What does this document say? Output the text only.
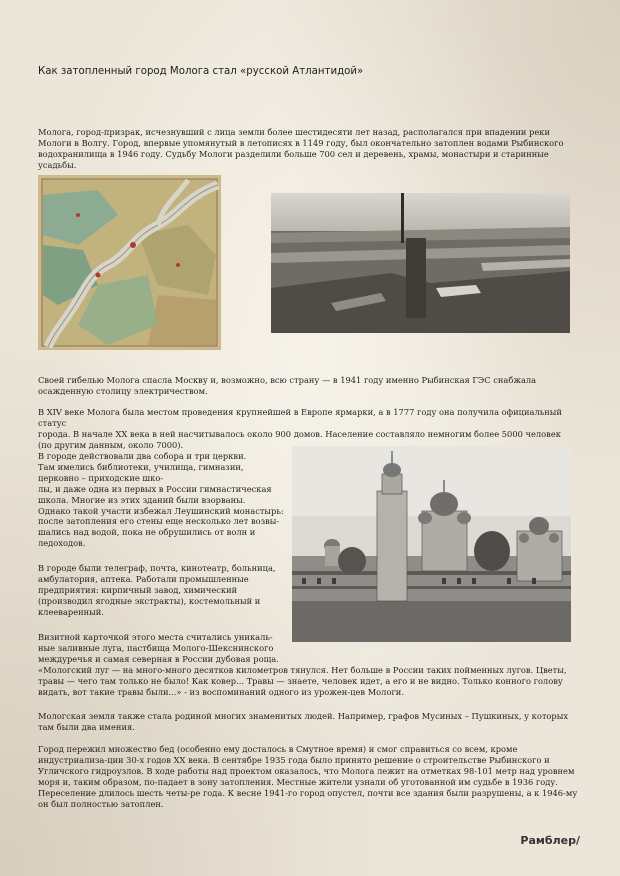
Как затопленный город Молога стал «русской Атлантидой»

Молога, город-призрак, исчезнувший с лица земли более шестидесяти лет назад, располагался при впадении реки Мологи в Волгу. Город, впервые упомянутый в летописях в 1149 году, был окончательно затоплен водами Рыбинского водохранилища в 1946 году. Судьбу Мологи разделили больше 700 сел и деревень, храмы, монастыри и старинные усадьбы.

Своей гибелью Молога спасла Москву и, возможно, всю страну — в 1941 году именно Рыбинская ГЭС снабжала осажденную столицу электричеством.

В XIV веке Молога была местом проведения крупнейшей в Европе ярмарки, а в 1777 году она получила официальный статус
города. В начале XX века в ней насчитывалось около 900 домов. Население составляло немногим более 5000 человек
(по другим данным, около 7000).

В городе действовали два собора и три церкви.
Там имелись библиотеки, училища, гимназии,
церковно – приходские шко-
лы, и даже одна из первых в России гимнастическая
школа. Многие из этих зданий были взорваны.
Однако такой участи избежал Леушинский монастырь:
после затопления его стены еще несколько лет возвы-
шались над водой, пока не обрушились от волн и
ледоходов.

В городе были телеграф, почта, кинотеатр, больница,
амбулатория, аптека. Работали промышленные
предприятия: кирпичный завод, химический
(производил ягодные экстракты), костемольный и
клееваренный.

Визитной карточкой этого места считались уникаль-
ные заливные луга, пастбища Молого-Шекснинского
междуречья и самая северная в России дубовая роща.

«Мологский луг — на много-много десятков километров тянулся. Нет больше в России таких пойменных лугов. Цветы, травы — чего там только не было! Как ковер... Травы — знаете, человек идет, а его и не видно. Только конного голову видать, вот такие травы были...» - из воспоминаний одного из урожен-цев Мологи.

Мологская земля также стала родиной многих знаменитых людей. Например, графов Мусиных – Пушкиных, у которых там были два имения.

Город пережил множество бед (особенно ему досталось в Смутное время) и смог справиться со всем, кроме индустриализа-ции 30-х годов XX века. В сентябре 1935 года было принято решение о строительстве Рыбинского и Угличского гидроузлов. В ходе работы над проектом оказалось, что Молога лежит на отметках 98-101 метр над уровнем моря и, таким образом, по-падает в зону затопления. Местные жители узнали об уготованной им судьбе в 1936 году. Переселение длилось шесть четы-ре года. К весне 1941-го город опустел, почти все здания были разрушены, а к 1946-му он был полностью затоплен.

Рамблер/
